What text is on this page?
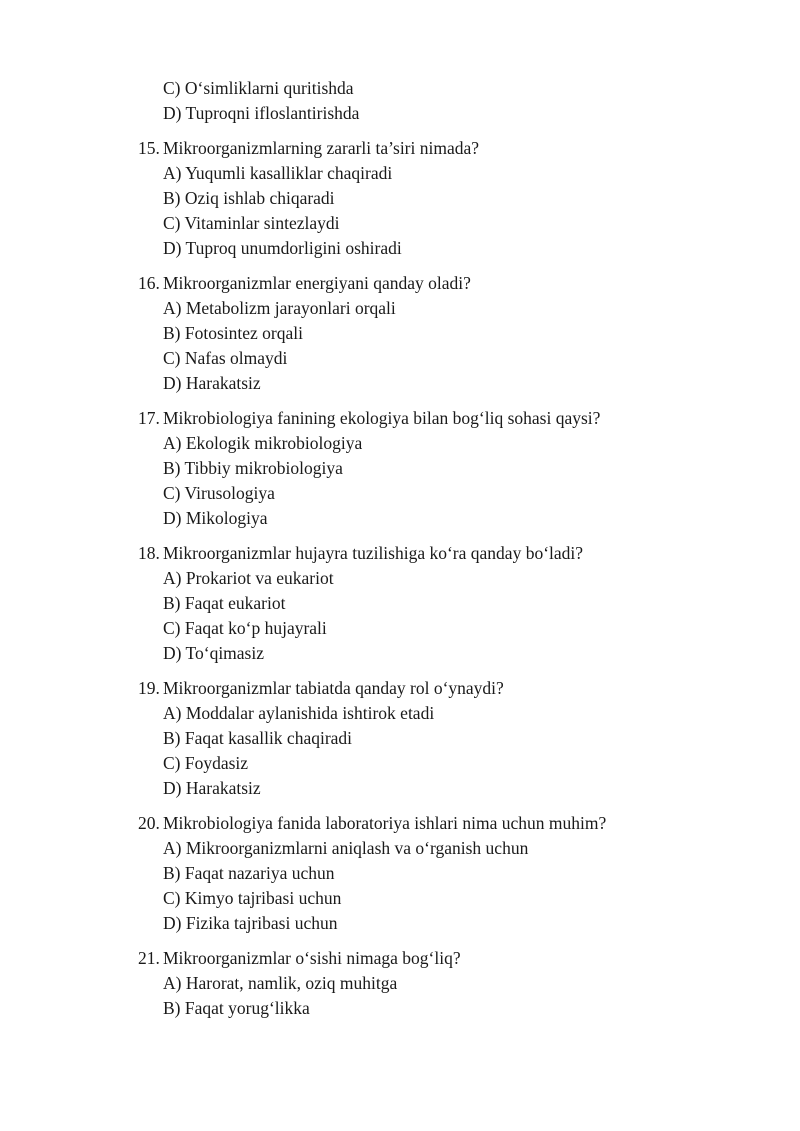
C) O‘simliklarni quritishda
D) Tuproqni ifloslantirishda
15. Mikroorganizmlarning zararli ta’siri nimada?
A) Yuqumli kasalliklar chaqiradi
B) Oziq ishlab chiqaradi
C) Vitaminlar sintezlaydi
D) Tuproq unumdorligini oshiradi
16. Mikroorganizmlar energiyani qanday oladi?
A) Metabolizm jarayonlari orqali
B) Fotosintez orqali
C) Nafas olmaydi
D) Harakatsiz
17. Mikrobiologiya fanining ekologiya bilan bog‘liq sohasi qaysi?
A) Ekologik mikrobiologiya
B) Tibbiy mikrobiologiya
C) Virusologiya
D) Mikologiya
18. Mikroorganizmlar hujayra tuzilishiga ko‘ra qanday bo‘ladi?
A) Prokariot va eukariot
B) Faqat eukariot
C) Faqat ko‘p hujayrali
D) To‘qimasiz
19. Mikroorganizmlar tabiatda qanday rol o‘ynaydi?
A) Moddalar aylanishida ishtirok etadi
B) Faqat kasallik chaqiradi
C) Foydasiz
D) Harakatsiz
20. Mikrobiologiya fanida laboratoriya ishlari nima uchun muhim?
A) Mikroorganizmlarni aniqlash va o‘rganish uchun
B) Faqat nazariya uchun
C) Kimyo tajribasi uchun
D) Fizika tajribasi uchun
21. Mikroorganizmlar o‘sishi nimaga bog‘liq?
A) Harorat, namlik, oziq muhitga
B) Faqat yorug‘likka
